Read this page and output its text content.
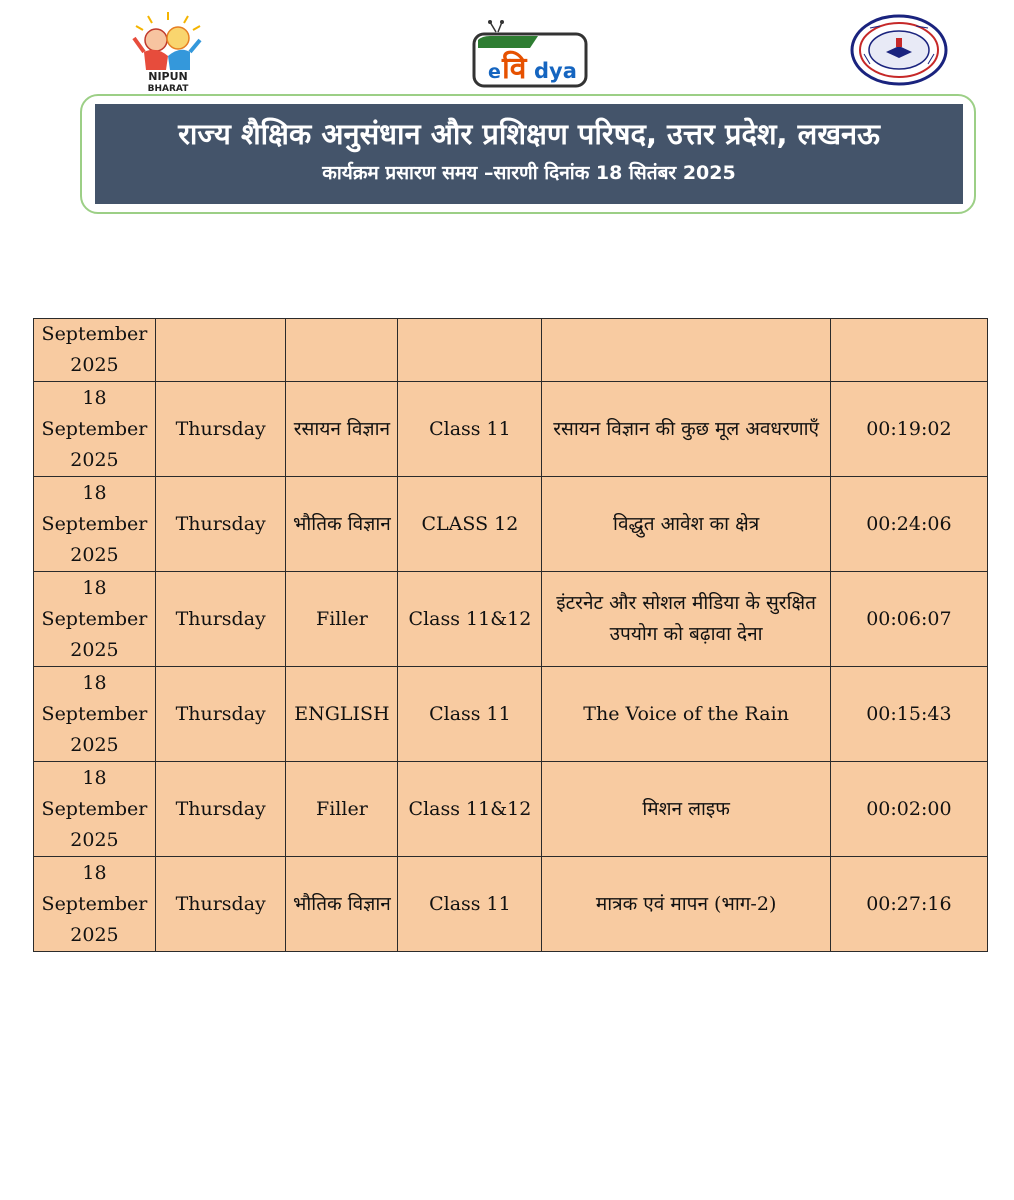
NIPUN
BHARAT
e वि dya
राज्य शैक्षिक अनुसंधान और प्रशिक्षण परिषद, उत्तर प्रदेश, लखनऊ
कार्यक्रम प्रसारण समय –सारणी दिनांक 18 सितंबर 2025
September
2025					

18
September
2025	Thursday	रसायन विज्ञान	Class 11	रसायन विज्ञान की कुछ मूल अवधरणाएँ	00:19:02

18
September
2025	Thursday	भौतिक विज्ञान	CLASS 12	विद्धुत आवेश का क्षेत्र	00:24:06

18
September
2025	Thursday	Filler	Class 11&12	इंटरनेट और सोशल मीडिया के सुरक्षित उपयोग को बढ़ावा देना	00:06:07

18
September
2025	Thursday	ENGLISH	Class 11	The Voice of the Rain	00:15:43

18
September
2025	Thursday	Filler	Class 11&12	मिशन लाइफ	00:02:00

18
September
2025	Thursday	भौतिक विज्ञान	Class 11	मात्रक एवं मापन (भाग-2)	00:27:16
